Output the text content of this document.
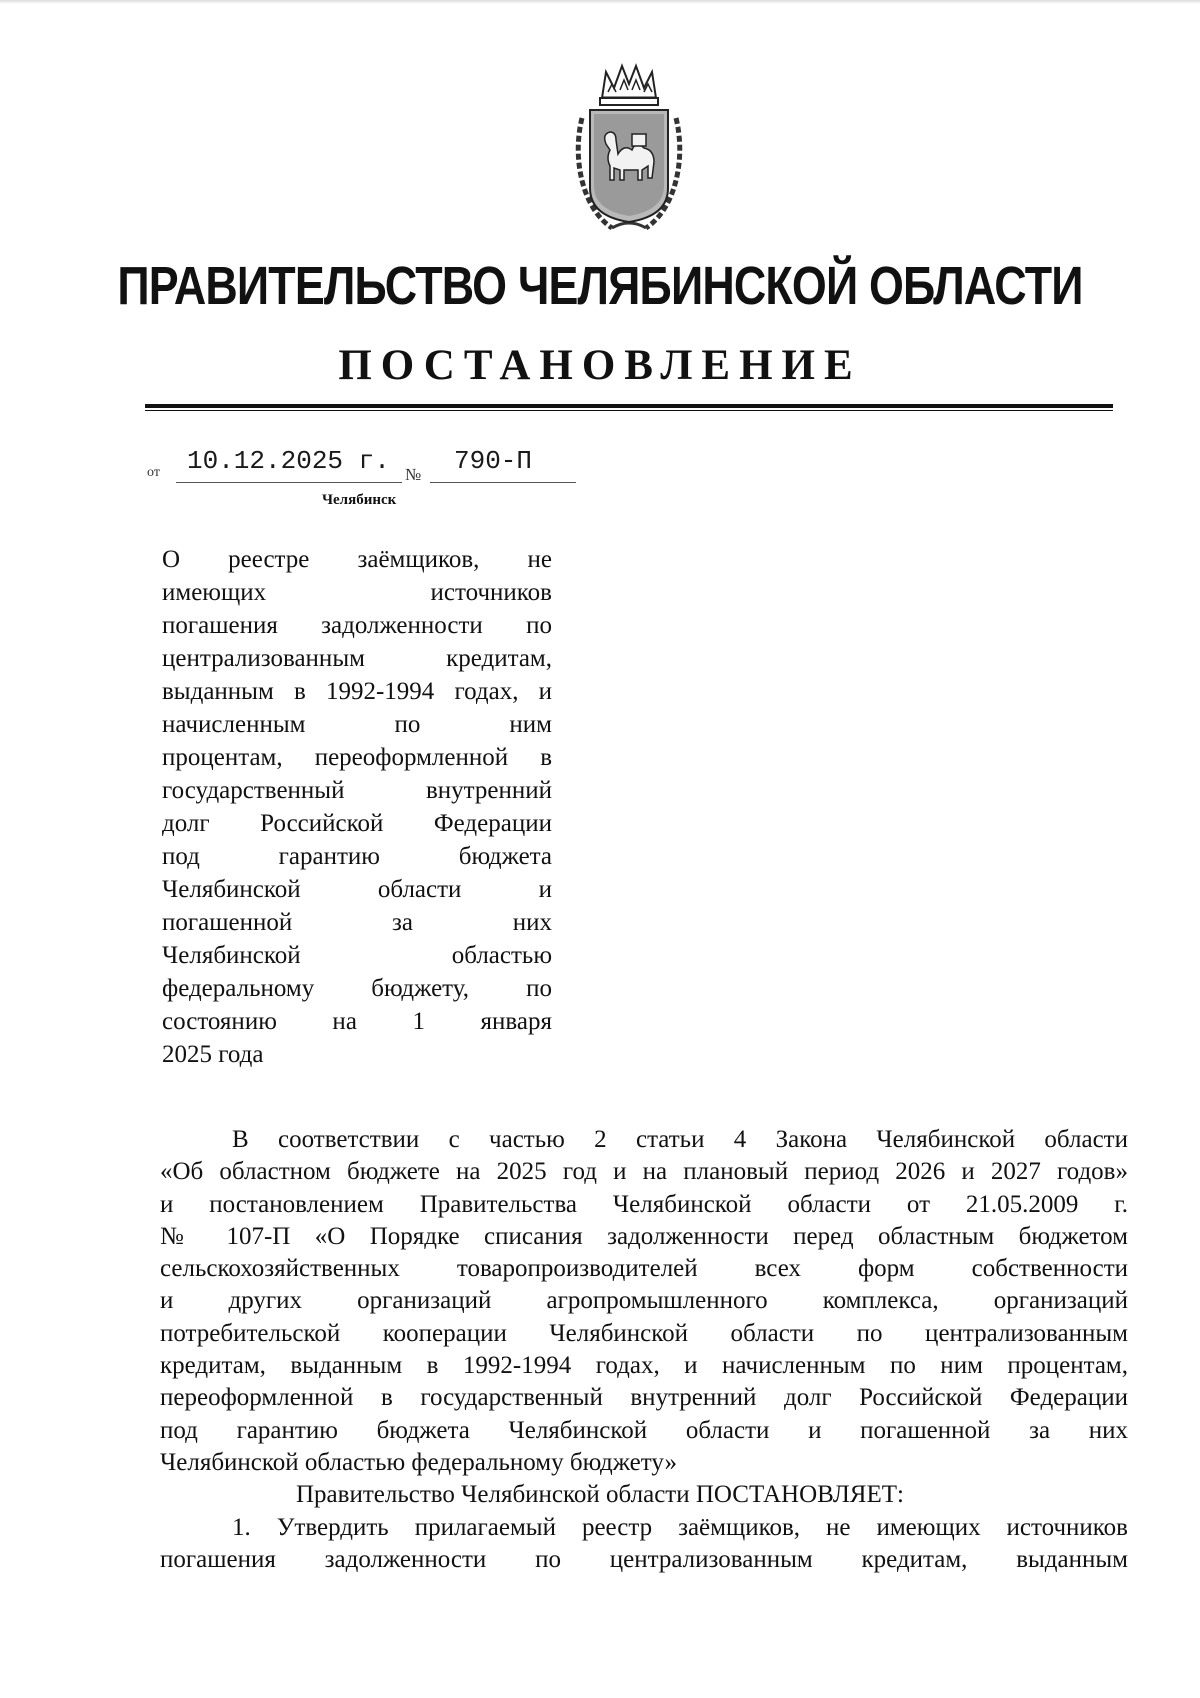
ПРАВИТЕЛЬСТВО ЧЕЛЯБИНСКОЙ ОБЛАСТИ
ПОСТАНОВЛЕНИЕ
от 10.12.2025 г. № 790-П
Челябинск
О реестре заёмщиков, не
имеющих источников
погашения задолженности по
централизованным кредитам,
выданным в 1992-1994 годах, и
начисленным по ним
процентам, переоформленной в
государственный внутренний
долг Российской Федерации
под гарантию бюджета
Челябинской области и
погашенной за них
Челябинской областью
федеральному бюджету, по
состоянию на 1 января
2025 года
В соответствии с частью 2 статьи 4 Закона Челябинской области
«Об областном бюджете на 2025 год и на плановый период 2026 и 2027 годов»
и постановлением Правительства Челябинской области от 21.05.2009 г.
№ 107-П «О Порядке списания задолженности перед областным бюджетом
сельскохозяйственных товаропроизводителей всех форм собственности
и других организаций агропромышленного комплекса, организаций
потребительской кооперации Челябинской области по централизованным
кредитам, выданным в 1992-1994 годах, и начисленным по ним процентам,
переоформленной в государственный внутренний долг Российской Федерации
под гарантию бюджета Челябинской области и погашенной за них
Челябинской областью федеральному бюджету»
Правительство Челябинской области ПОСТАНОВЛЯЕТ:
1. Утвердить прилагаемый реестр заёмщиков, не имеющих источников
погашения задолженности по централизованным кредитам, выданным
